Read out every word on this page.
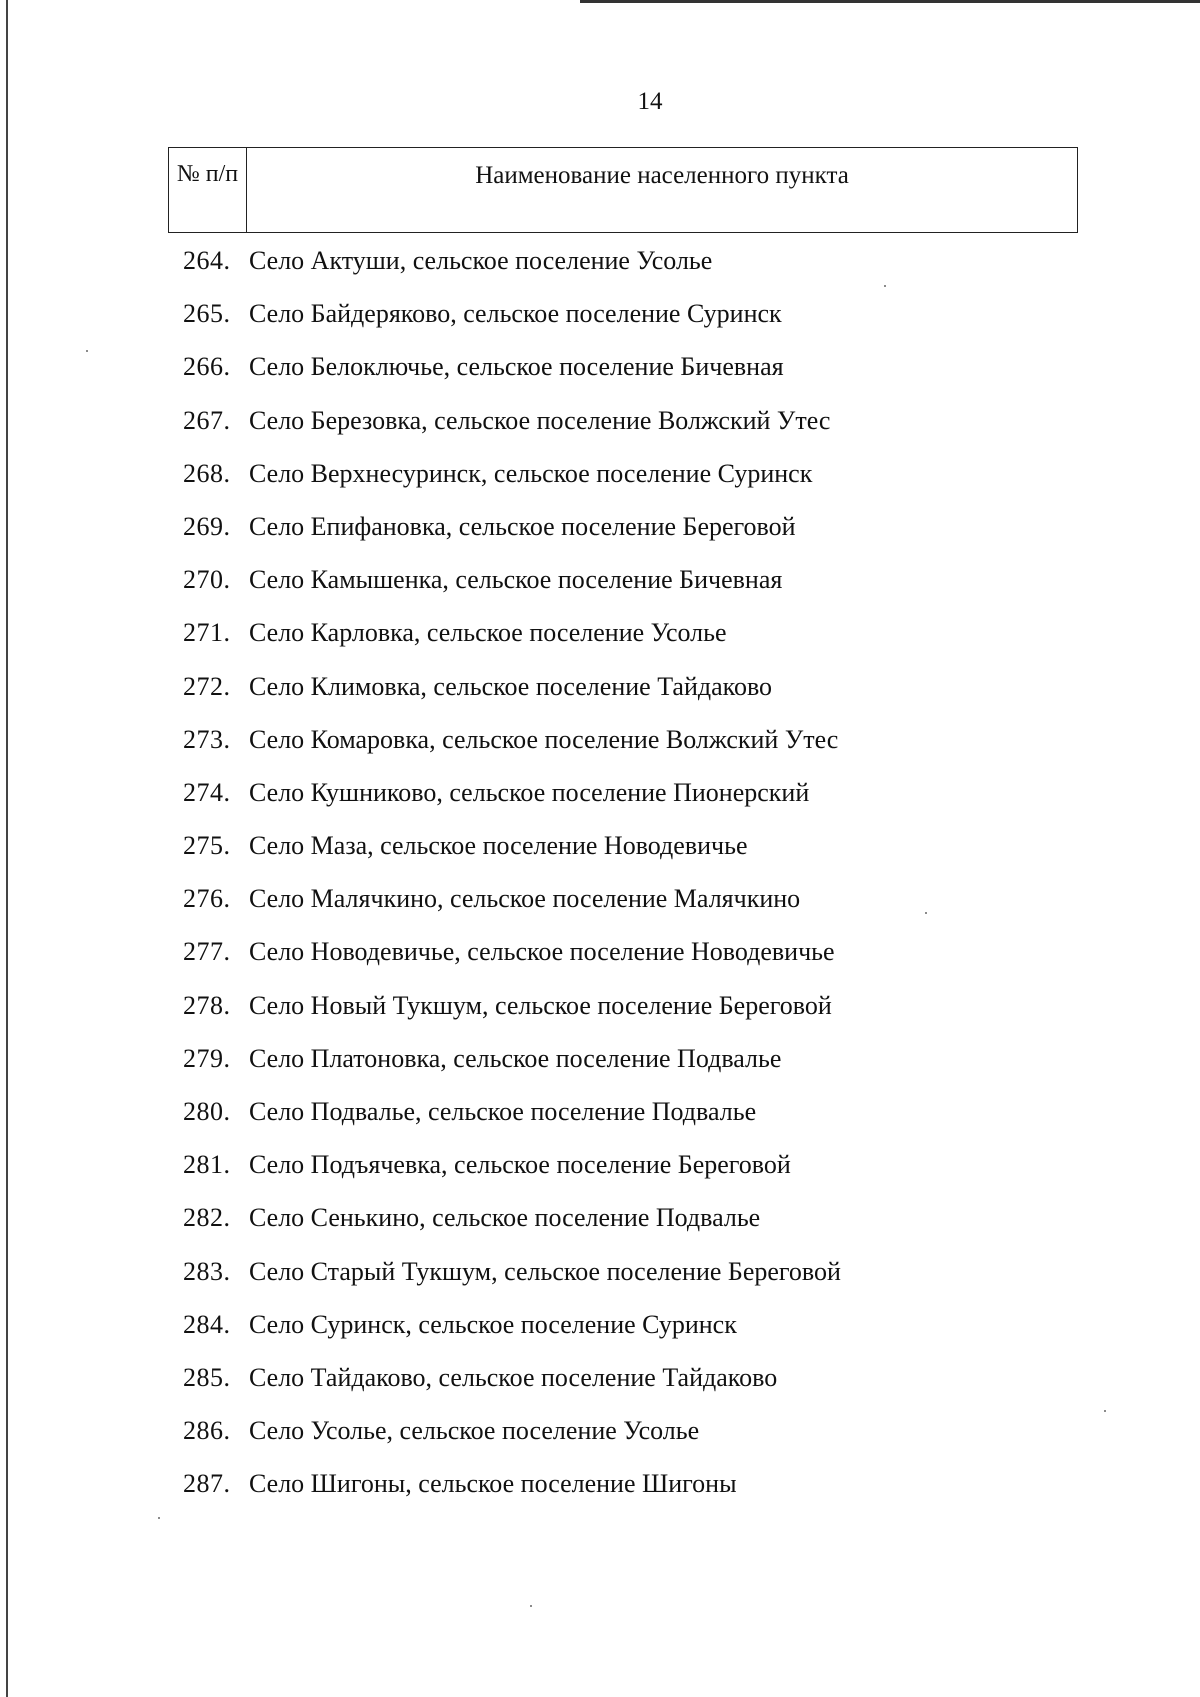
14
№ п/п	Наименование населенного пункта
264. Село Актуши, сельское поселение Усолье
265. Село Байдеряково, сельское поселение Суринск
266. Село Белоключье, сельское поселение Бичевная
267. Село Березовка, сельское поселение Волжский Утес
268. Село Верхнесуринск, сельское поселение Суринск
269. Село Епифановка, сельское поселение Береговой
270. Село Камышенка, сельское поселение Бичевная
271. Село Карловка, сельское поселение Усолье
272. Село Климовка, сельское поселение Тайдаково
273. Село Комаровка, сельское поселение Волжский Утес
274. Село Кушниково, сельское поселение Пионерский
275. Село Маза, сельское поселение Новодевичье
276. Село Малячкино, сельское поселение Малячкино
277. Село Новодевичье, сельское поселение Новодевичье
278. Село Новый Тукшум, сельское поселение Береговой
279. Село Платоновка, сельское поселение Подвалье
280. Село Подвалье, сельское поселение Подвалье
281. Село Подъячевка, сельское поселение Береговой
282. Село Сенькино, сельское поселение Подвалье
283. Село Старый Тукшум, сельское поселение Береговой
284. Село Суринск, сельское поселение Суринск
285. Село Тайдаково, сельское поселение Тайдаково
286. Село Усолье, сельское поселение Усолье
287. Село Шигоны, сельское поселение Шигоны
